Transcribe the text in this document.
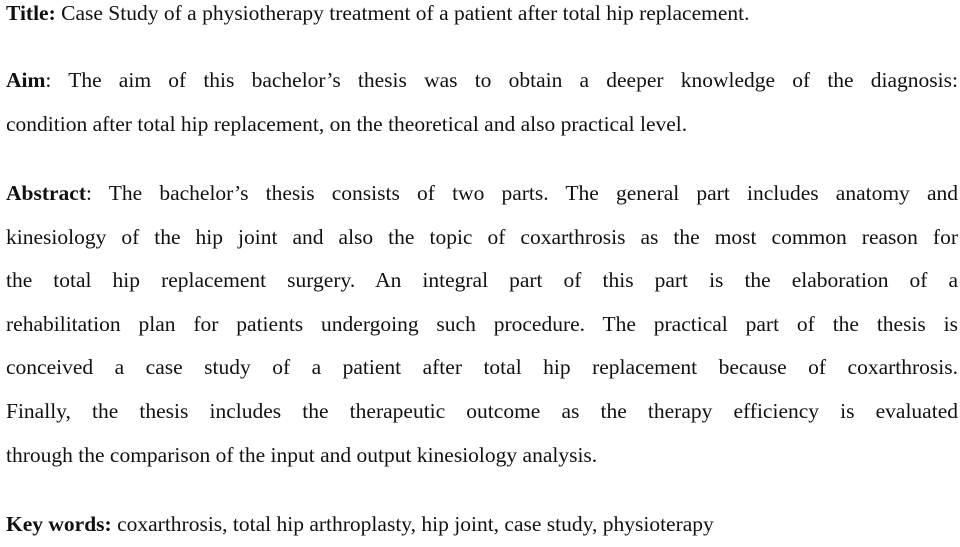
Title: Case Study of a physiotherapy treatment of a patient after total hip replacement.
Aim: The aim of this bachelor’s thesis was to obtain a deeper knowledge of the diagnosis:
condition after total hip replacement, on the theoretical and also practical level.
Abstract: The bachelor’s thesis consists of two parts. The general part includes anatomy and
kinesiology of the hip joint and also the topic of coxarthrosis as the most common reason for
the total hip replacement surgery. An integral part of this part is the elaboration of a
rehabilitation plan for patients undergoing such procedure. The practical part of the thesis is
conceived a case study of a patient after total hip replacement because of coxarthrosis.
Finally, the thesis includes the therapeutic outcome as the therapy efficiency is evaluated
through the comparison of the input and output kinesiology analysis.
Key words: coxarthrosis, total hip arthroplasty, hip joint, case study, physioterapy
